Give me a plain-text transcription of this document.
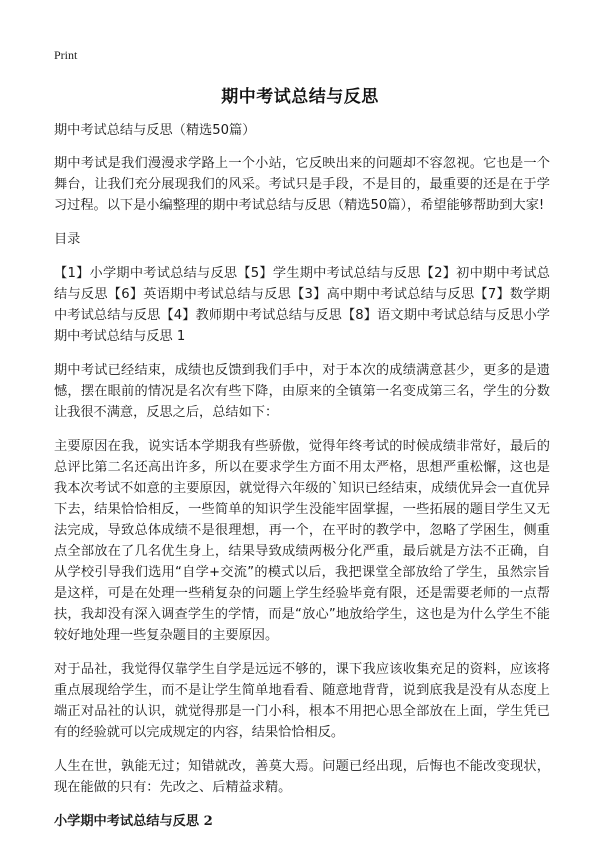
Print
期中考试总结与反思

期中考试总结与反思（精选50篇）

期中考试是我们漫漫求学路上一个小站，它反映出来的问题却不容忽视。它也是一个舞台，让我们充分展现我们的风采。考试只是手段，不是目的，最重要的还是在于学习过程。以下是小编整理的期中考试总结与反思（精选50篇），希望能够帮助到大家!

目录

【1】小学期中考试总结与反思【5】学生期中考试总结与反思【2】初中期中考试总结与反思【6】英语期中考试总结与反思【3】高中期中考试总结与反思【7】数学期中考试总结与反思【4】教师期中考试总结与反思【8】语文期中考试总结与反思小学期中考试总结与反思 1

期中考试已经结束，成绩也反馈到我们手中，对于本次的成绩满意甚少，更多的是遗憾，摆在眼前的情况是名次有些下降，由原来的全镇第一名变成第三名，学生的分数让我很不满意，反思之后，总结如下：

主要原因在我，说实话本学期我有些骄傲，觉得年终考试的时候成绩非常好，最后的总评比第二名还高出许多，所以在要求学生方面不用太严格，思想严重松懈，这也是我本次考试不如意的主要原因，就觉得六年级的`知识已经结束，成绩优异会一直优异下去，结果恰恰相反，一些简单的知识学生没能牢固掌握，一些拓展的题目学生又无法完成，导致总体成绩不是很理想，再一个，在平时的教学中，忽略了学困生，侧重点全部放在了几名优生身上，结果导致成绩两极分化严重，最后就是方法不正确，自从学校引导我们选用“自学+交流”的模式以后，我把课堂全部放给了学生，虽然宗旨是这样，可是在处理一些稍复杂的问题上学生经验毕竟有限，还是需要老师的一点帮扶，我却没有深入调查学生的学情，而是“放心”地放给学生，这也是为什么学生不能较好地处理一些复杂题目的主要原因。

对于品社，我觉得仅靠学生自学是远远不够的，课下我应该收集充足的资料，应该将重点展现给学生，而不是让学生简单地看看、随意地背背，说到底我是没有从态度上端正对品社的认识，就觉得那是一门小科，根本不用把心思全部放在上面，学生凭已有的经验就可以完成规定的内容，结果恰恰相反。

人生在世，孰能无过；知错就改，善莫大焉。问题已经出现，后悔也不能改变现状，现在能做的只有：先改之、后精益求精。

小学期中考试总结与反思 2
